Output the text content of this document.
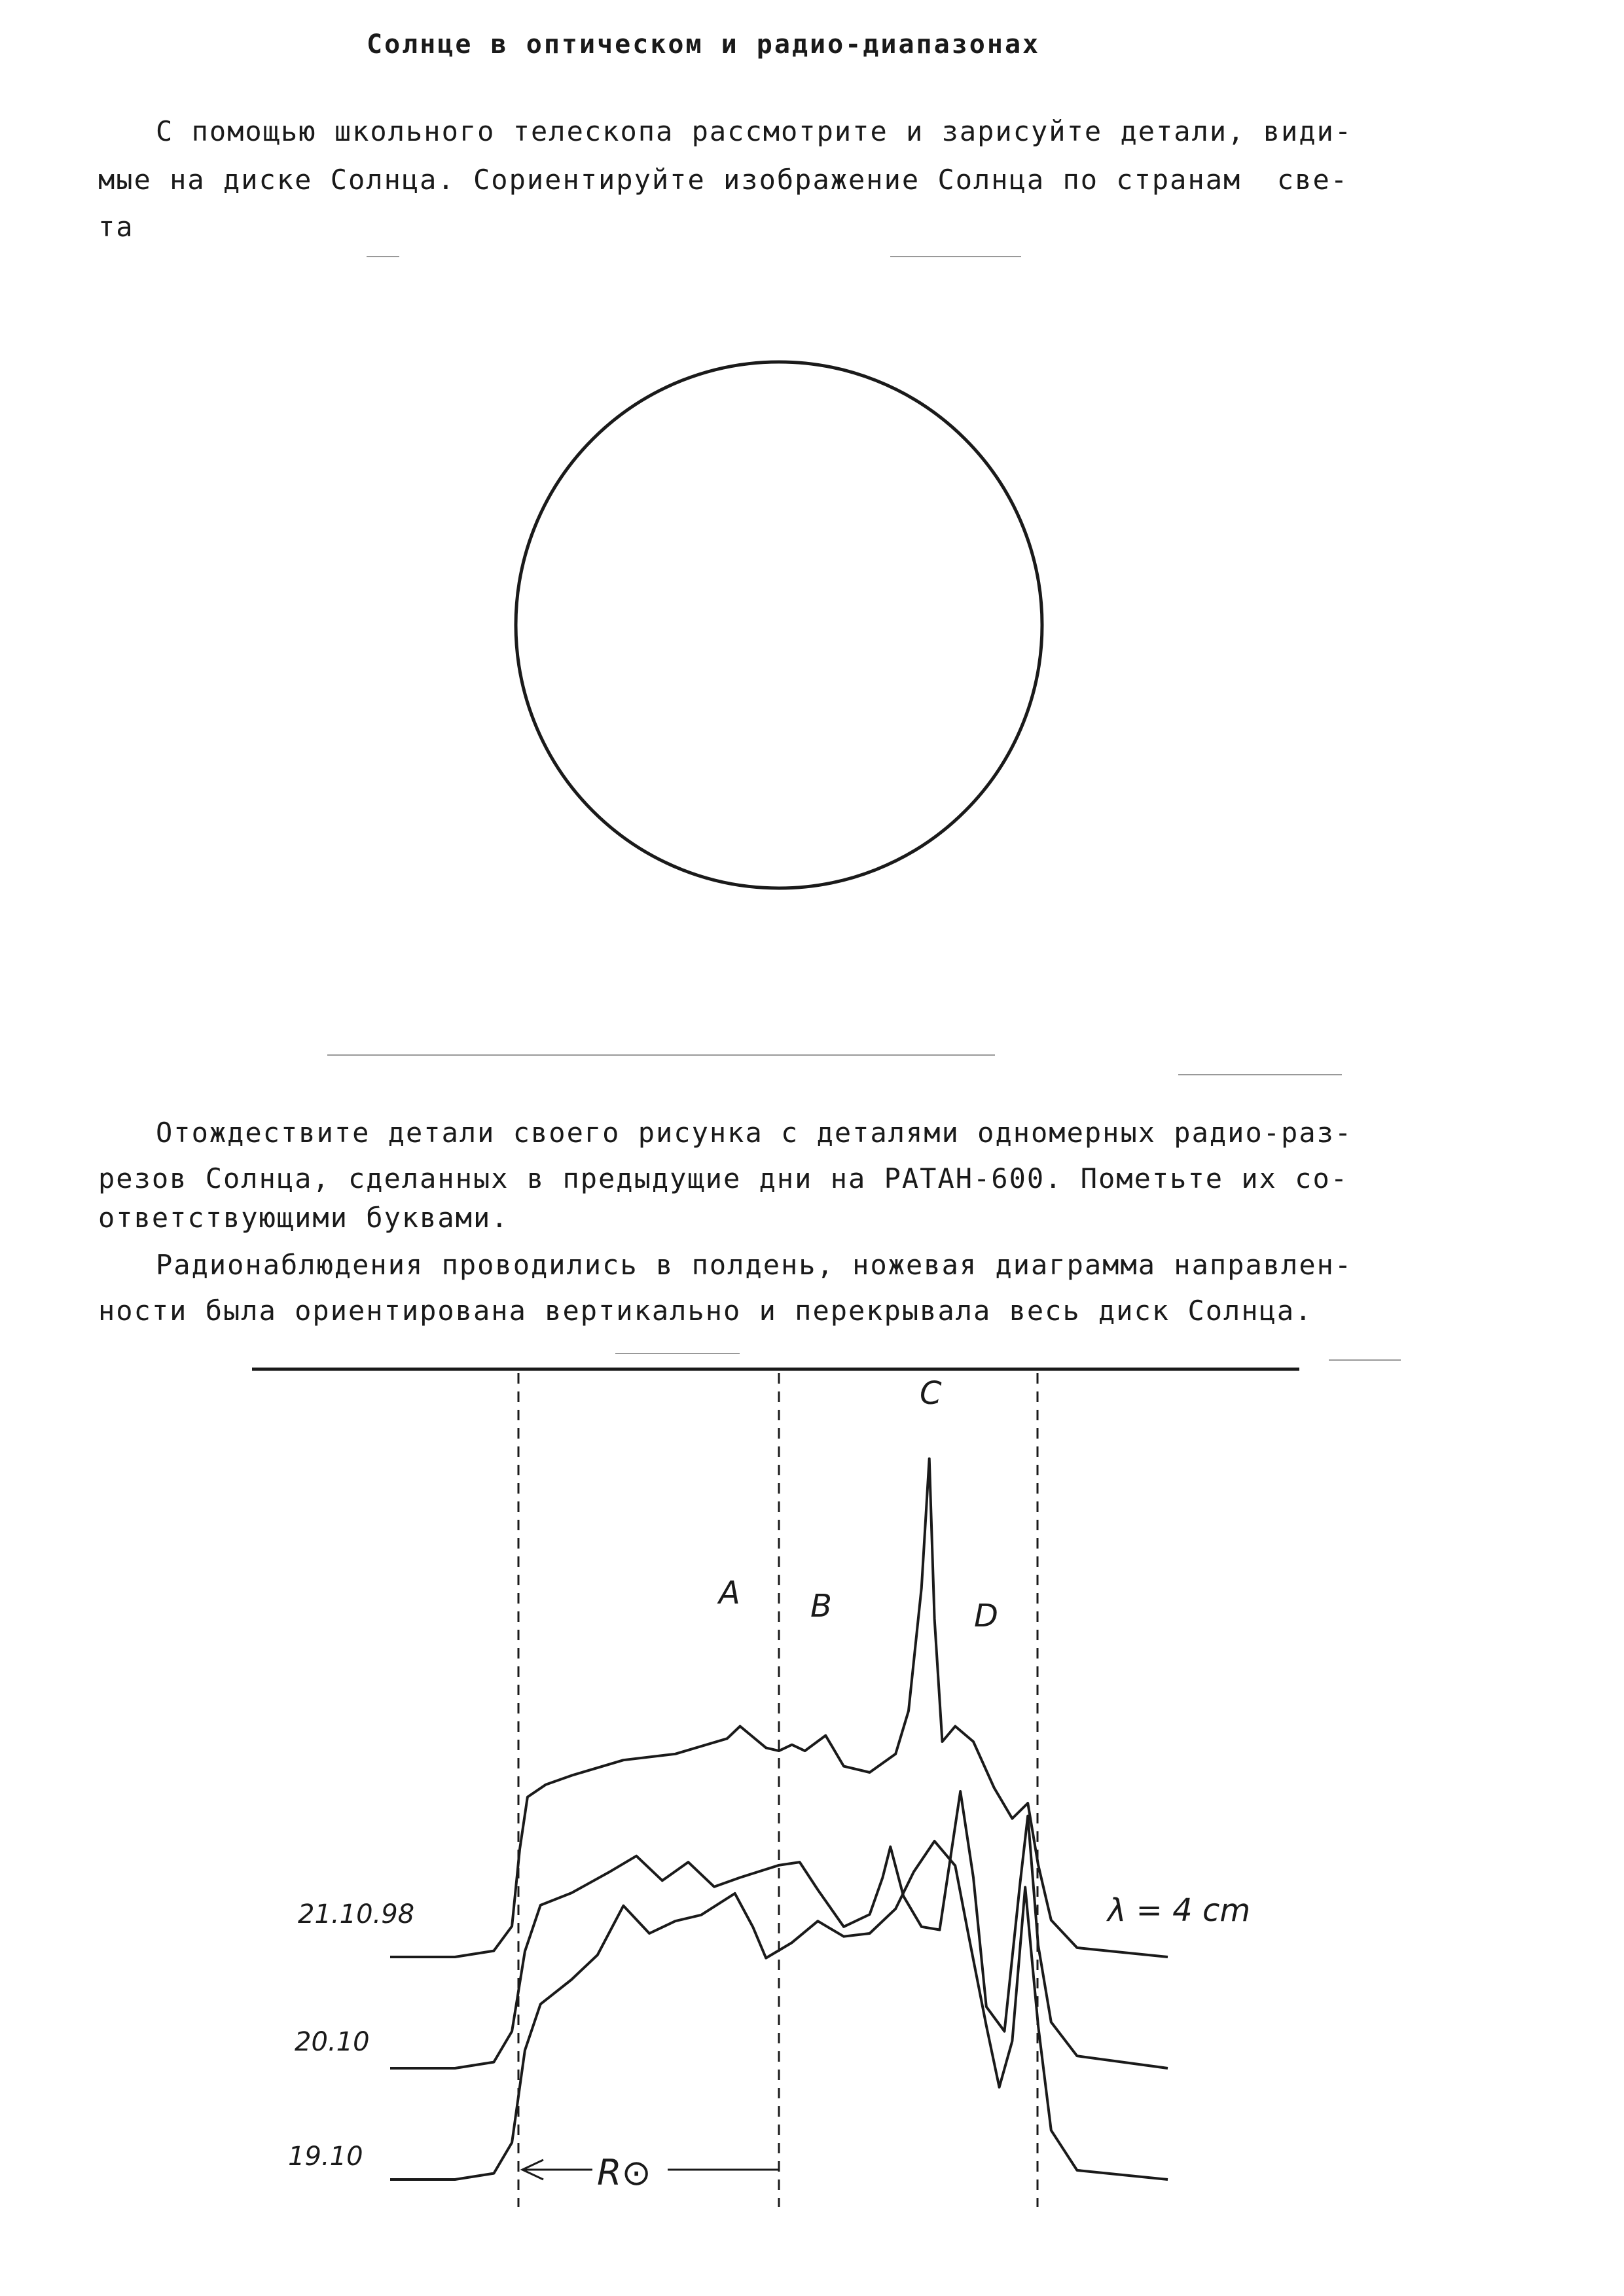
Солнце в оптическом и радио-диапазонах
С помощью школьного телескопа рассмотрите и зарисуйте детали, види-
мые на диске Солнца. Сориентируйте изображение Солнца по странам  све-
та
Отождествите детали своего рисунка с деталями одномерных радио-раз-
резов Солнца, сделанных в предыдущие дни на РАТАН-600. Пометьте их со-
ответствующими буквами.
Радионаблюдения проводились в полдень, ножевая диаграмма направлен-
ности была ориентирована вертикально и перекрывала весь диск Солнца.
R⊙
A B
C
D
λ = 4 cm
21.10.98
20.10
19.10
